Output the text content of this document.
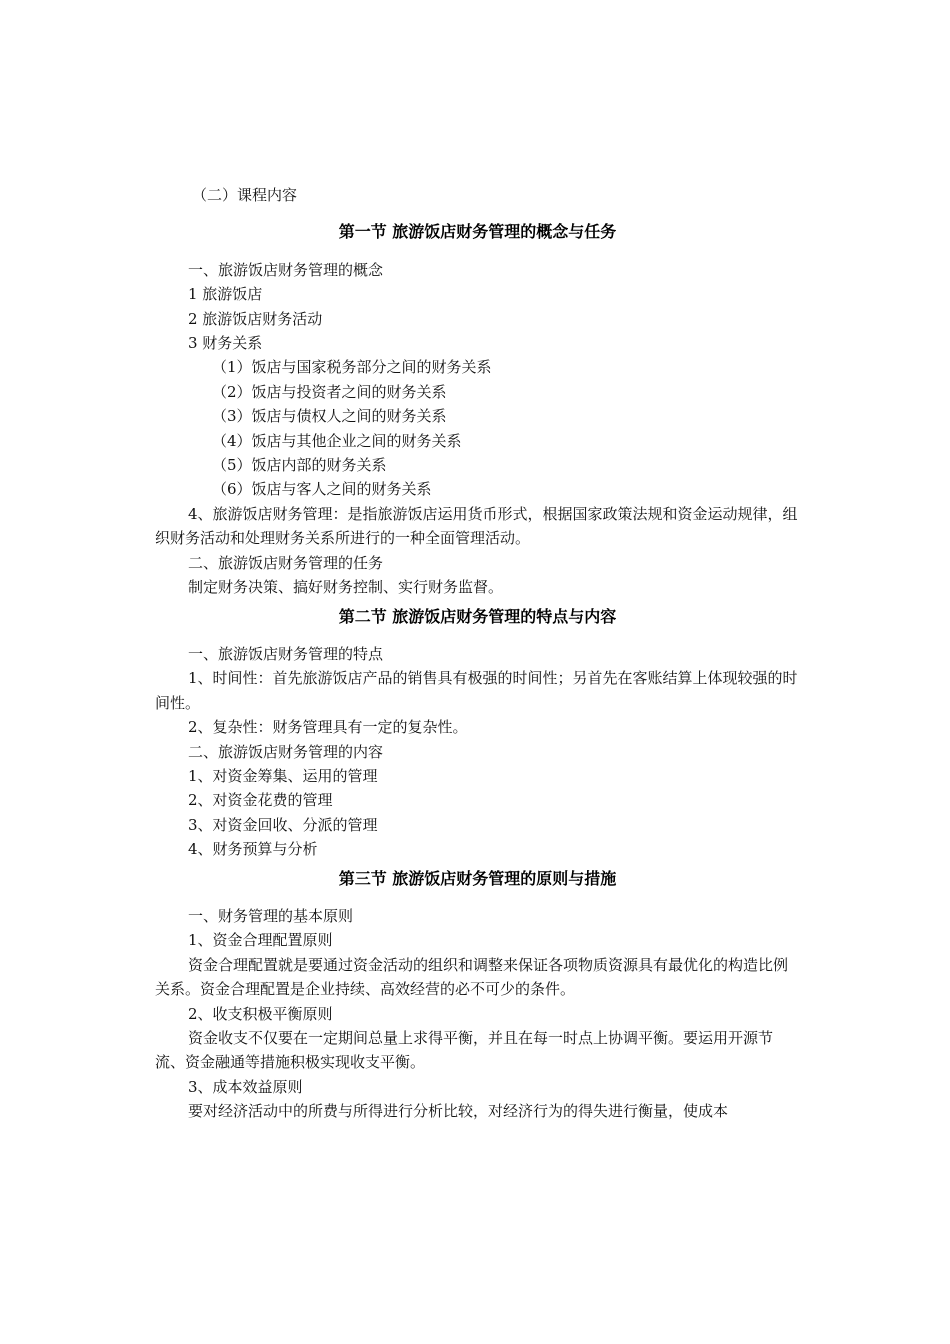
（二）课程内容
第一节 旅游饭店财务管理的概念与任务
一、旅游饭店财务管理的概念
1 旅游饭店
2 旅游饭店财务活动
3 财务关系
（1）饭店与国家税务部分之间的财务关系
（2）饭店与投资者之间的财务关系
（3）饭店与债权人之间的财务关系
（4）饭店与其他企业之间的财务关系
（5）饭店内部的财务关系
（6）饭店与客人之间的财务关系
4、旅游饭店财务管理：是指旅游饭店运用货币形式，根据国家政策法规和资金运动规律，组织财务活动和处理财务关系所进行的一种全面管理活动。
二、旅游饭店财务管理的任务
制定财务决策、搞好财务控制、实行财务监督。
第二节 旅游饭店财务管理的特点与内容
一、旅游饭店财务管理的特点
1、时间性：首先旅游饭店产品的销售具有极强的时间性；另首先在客账结算上体现较强的时间性。
2、复杂性：财务管理具有一定的复杂性。
二、旅游饭店财务管理的内容
1、对资金筹集、运用的管理
2、对资金花费的管理
3、对资金回收、分派的管理
4、财务预算与分析
第三节 旅游饭店财务管理的原则与措施
一、财务管理的基本原则
1、资金合理配置原则
资金合理配置就是要通过资金活动的组织和调整来保证各项物质资源具有最优化的构造比例关系。资金合理配置是企业持续、高效经营的必不可少的条件。
2、收支积极平衡原则
资金收支不仅要在一定期间总量上求得平衡，并且在每一时点上协调平衡。要运用开源节流、资金融通等措施积极实现收支平衡。
3、成本效益原则
要对经济活动中的所费与所得进行分析比较，对经济行为的得失进行衡量，使成本
